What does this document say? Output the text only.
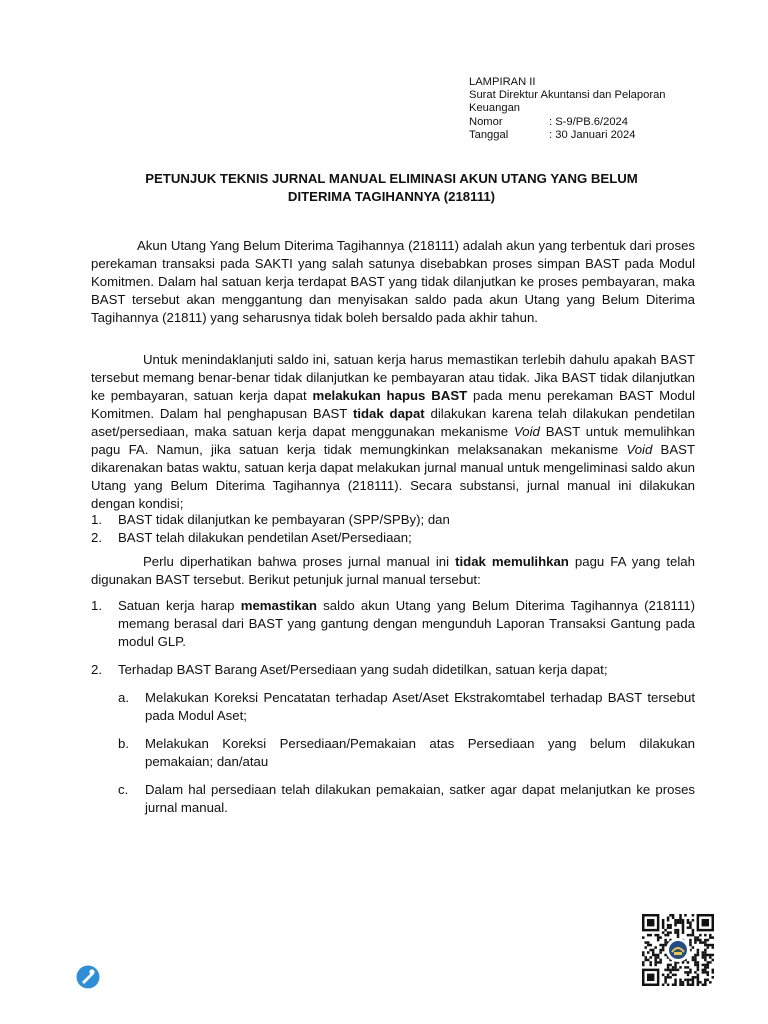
LAMPIRAN II
Surat Direktur Akuntansi dan Pelaporan
Keuangan
Nomor	: S-9/PB.6/2024
Tanggal	: 30 Januari 2024
PETUNJUK TEKNIS JURNAL MANUAL ELIMINASI AKUN UTANG YANG BELUM
DITERIMA TAGIHANNYA (218111)

Akun Utang Yang Belum Diterima Tagihannya (218111) adalah akun yang terbentuk dari proses perekaman transaksi pada SAKTI yang salah satunya disebabkan proses simpan BAST pada Modul Komitmen. Dalam hal satuan kerja terdapat BAST yang tidak dilanjutkan ke proses pembayaran, maka BAST tersebut akan menggantung dan menyisakan saldo pada akun Utang yang Belum Diterima Tagihannya (21811) yang seharusnya tidak boleh bersaldo pada akhir tahun.

Untuk menindaklanjuti saldo ini, satuan kerja harus memastikan terlebih dahulu apakah BAST tersebut memang benar-benar tidak dilanjutkan ke pembayaran atau tidak. Jika BAST tidak dilanjutkan ke pembayaran, satuan kerja dapat melakukan hapus BAST pada menu perekaman BAST Modul Komitmen. Dalam hal penghapusan BAST tidak dapat dilakukan karena telah dilakukan pendetilan aset/persediaan, maka satuan kerja dapat menggunakan mekanisme Void BAST untuk memulihkan pagu FA. Namun, jika satuan kerja tidak memungkinkan melaksanakan mekanisme Void BAST dikarenakan batas waktu, satuan kerja dapat melakukan jurnal manual untuk mengeliminasi saldo akun Utang yang Belum Diterima Tagihannya (218111). Secara substansi, jurnal manual ini dilakukan dengan kondisi;

1.	BAST tidak dilanjutkan ke pembayaran (SPP/SPBy); dan
2.	BAST telah dilakukan pendetilan Aset/Persediaan;

Perlu diperhatikan bahwa proses jurnal manual ini tidak memulihkan pagu FA yang telah digunakan BAST tersebut. Berikut petunjuk jurnal manual tersebut:

1.	Satuan kerja harap memastikan saldo akun Utang yang Belum Diterima Tagihannya (218111) memang berasal dari BAST yang gantung dengan mengunduh Laporan Transaksi Gantung pada modul GLP.
2.	Terhadap BAST Barang Aset/Persediaan yang sudah didetilkan, satuan kerja dapat;
a.	Melakukan Koreksi Pencatatan terhadap Aset/Aset Ekstrakomtabel terhadap BAST tersebut pada Modul Aset;
b.	Melakukan Koreksi Persediaan/Pemakaian atas Persediaan yang belum dilakukan pemakaian; dan/atau
c.	Dalam hal persediaan telah dilakukan pemakaian, satker agar dapat melanjutkan ke proses jurnal manual.
